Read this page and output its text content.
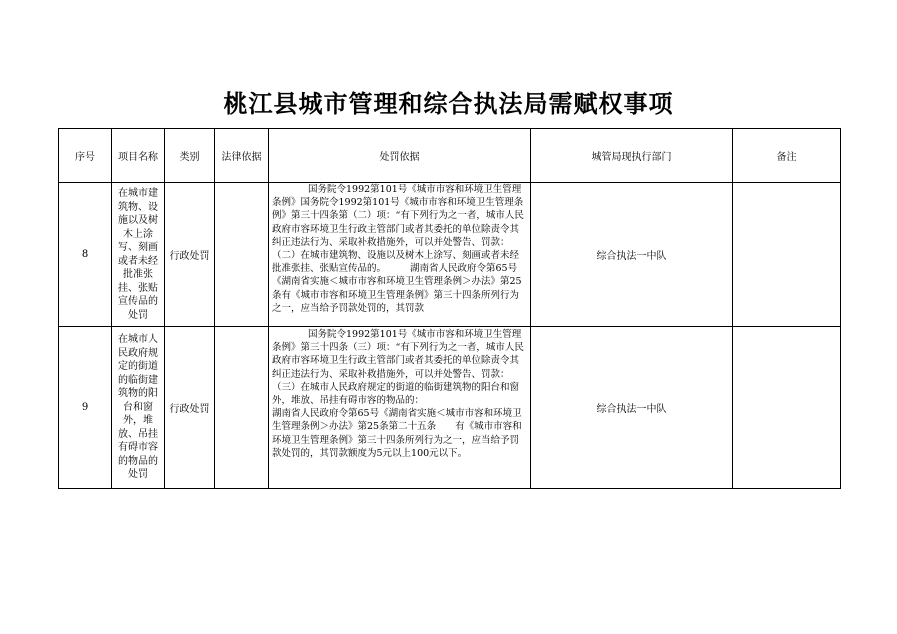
桃江县城市管理和综合执法局需赋权事项
序号	项目名称	类别	法律依据	处罚依据	城管局现执行部门	备注
8	在城市建筑物、设施以及树木上涂写、刻画或者未经批准张挂、张贴宣传品的处罚	行政处罚		国务院令1992第101号《城市市容和环境卫生管理条例》国务院令1992第101号《城市市容和环境卫生管理条例》第三十四条第（二）项：“有下列行为之一者，城市人民政府市容环境卫生行政主管部门或者其委托的单位除责令其纠正违法行为、采取补救措施外，可以并处警告、罚款：（二）在城市建筑物、设施以及树木上涂写、刻画或者未经批准张挂、张贴宣传品的。 湖南省人民政府令第65号《湖南省实施＜城市市容和环境卫生管理条例＞办法》第25条有《城市市容和环境卫生管理条例》第三十四条所列行为之一，应当给予罚款处罚的，其罚款	综合执法一中队	
9	在城市人民政府规定的街道的临街建筑物的阳台和窗外，堆放、吊挂有碍市容的物品的处罚	行政处罚		国务院令1992第101号《城市市容和环境卫生管理条例》第三十四条（三）项：“有下列行为之一者，城市人民政府市容环境卫生行政主管部门或者其委托的单位除责令其纠正违法行为、采取补救措施外，可以并处警告、罚款：（三）在城市人民政府规定的街道的临街建筑物的阳台和窗外，堆放、吊挂有碍市容的物品的：
湖南省人民政府令第65号《湖南省实施＜城市市容和环境卫生管理条例＞办法》第25条第二十五条　　有《城市市容和环境卫生管理条例》第三十四条所列行为之一，应当给予罚款处罚的，其罚款额度为5元以上100元以下。	综合执法一中队	
